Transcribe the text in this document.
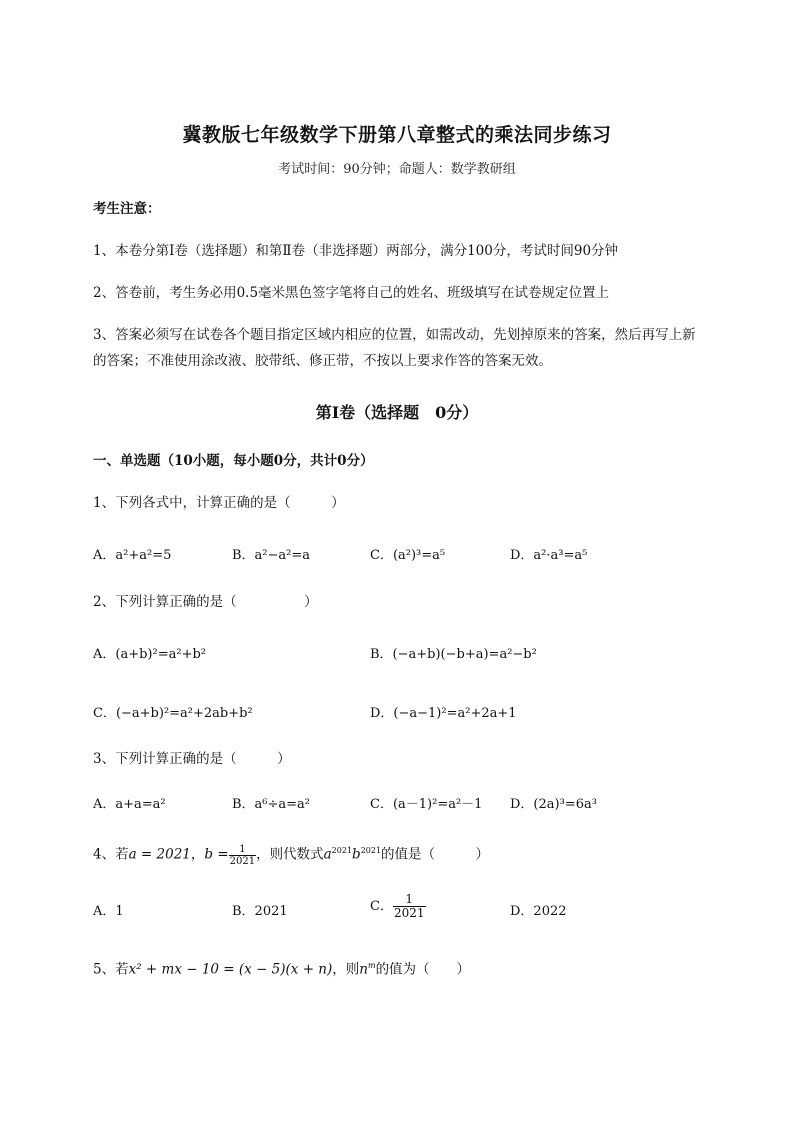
冀教版七年级数学下册第八章整式的乘法同步练习
考试时间：90分钟；命题人：数学教研组
考生注意：
1、本卷分第Ⅰ卷（选择题）和第Ⅱ卷（非选择题）两部分，满分100分，考试时间90分钟
2、答卷前，考生务必用0.5毫米黑色签字笔将自己的姓名、班级填写在试卷规定位置上
3、答案必须写在试卷各个题目指定区域内相应的位置，如需改动，先划掉原来的答案，然后再写上新
的答案；不准使用涂改液、胶带纸、修正带，不按以上要求作答的答案无效。
第Ⅰ卷（选择题　0分）
一、单选题（10小题，每小题0分，共计0分）
1、下列各式中，计算正确的是（　　　）
A．a²+a²=5	B．a²−a²=a	C．(a²)³=a⁵	D．a²·a³=a⁵
2、下列计算正确的是（　　　　　）
A．(a+b)²=a²+b²	B．(−a+b)(−b+a)=a²−b²
C．(−a+b)²=a²+2ab+b²	D．(−a−1)²=a²+2a+1
3、下列计算正确的是（　　　）
A．a+a=a²	B．a⁶÷a=a²	C．(a－1)²=a²－1 D．(2a)³=6a³
4、若a = 2021，$b = \frac{1}{2021}$ ，则代数式$a^{2021}b^{2021}$的值是（　　　）
A．1	B．2021	C． $\frac{1}{2021}$	D．2022
5、若x² + mx − 10 = (x − 5)(x + n)，则$n^m$的值为（　　）
